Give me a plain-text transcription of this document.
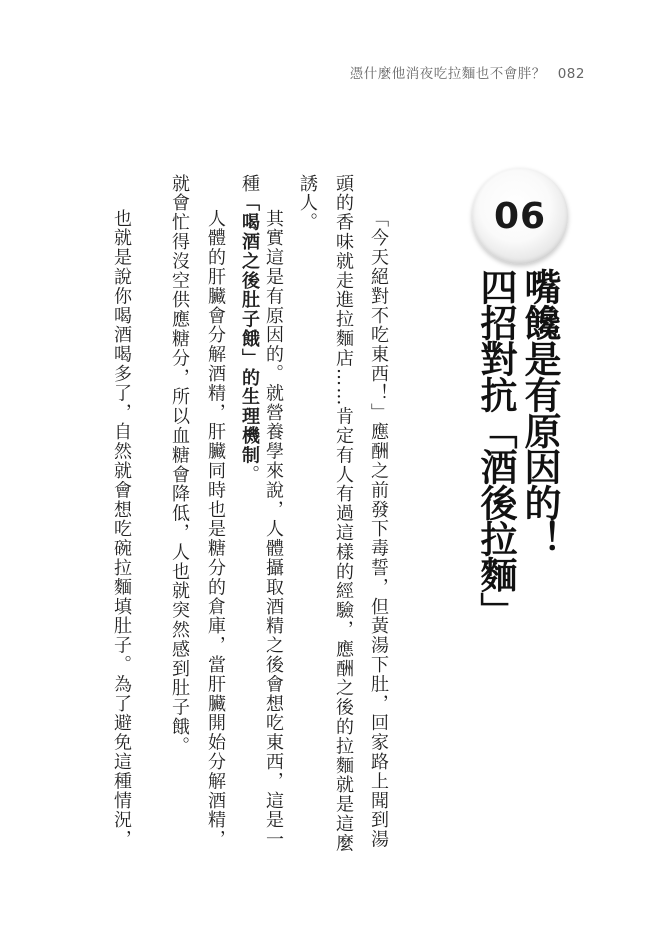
憑什麼他消夜吃拉麵也不會胖？ 082
06

嘴饞是有原因的！

四招對抗「酒後拉麵」

「今天絕對不吃東西！」應酬之前發下毒誓，但黃湯下肚，回家路上聞到湯

頭的香味就走進拉麵店……肯定有人有過這樣的經驗，應酬之後的拉麵就是這麼

誘人。

其實這是有原因的。就營養學來說，人體攝取酒精之後會想吃東西，這是一

種「喝酒之後肚子餓」的生理機制。

人體的肝臟會分解酒精，肝臟同時也是糖分的倉庫，當肝臟開始分解酒精，

就會忙得沒空供應糖分，所以血糖會降低，人也就突然感到肚子餓。

也就是說你喝酒喝多了，自然就會想吃碗拉麵填肚子。為了避免這種情況，
